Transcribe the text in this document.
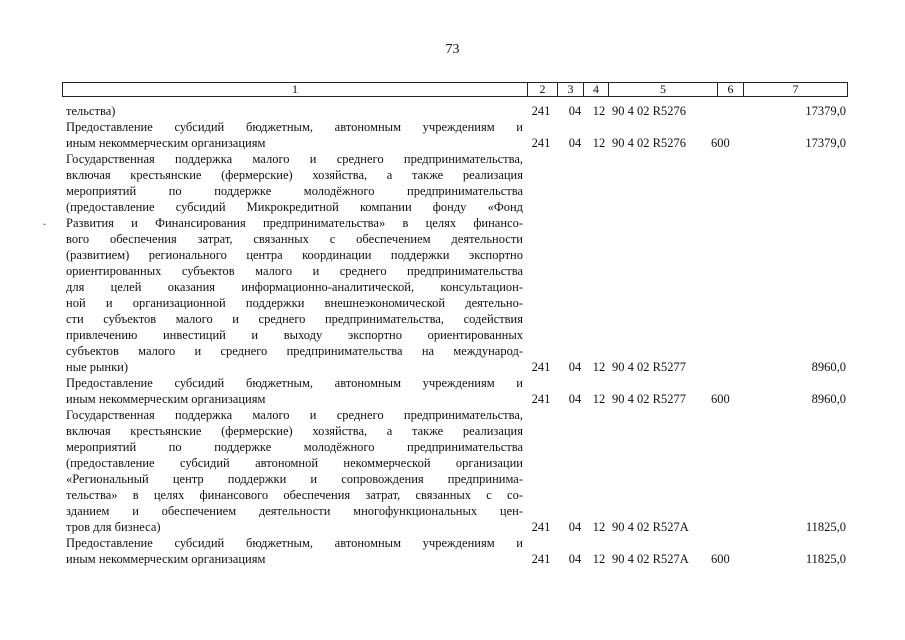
73
ˇ
1	2	3	4	5	6	7
тельства)	241	04 12 90 4 02 R5276	17379,0
Предоставление субсидий бюджетным, автономным учреждениям и
иным некоммерческим организациям	241	04 12 90 4 02 R5276 600	17379,0
Государственная поддержка малого и среднего предпринимательства,
включая крестьянские (фермерские) хозяйства, а также реализация
мероприятий по поддержке молодёжного предпринимательства
(предоставление субсидий Микрокредитной компании фонду «Фонд
Развития и Финансирования предпринимательства» в целях финансо-
вого обеспечения затрат, связанных с обеспечением деятельности
(развитием) регионального центра координации поддержки экспортно
ориентированных субъектов малого и среднего предпринимательства
для целей оказания информационно-аналитической, консультацион-
ной и организационной поддержки внешнеэкономической деятельно-
сти субъектов малого и среднего предпринимательства, содействия
привлечению инвестиций и выходу экспортно ориентированных
субъектов малого и среднего предпринимательства на международ-
ные рынки)	241	04 12 90 4 02 R5277	8960,0
Предоставление субсидий бюджетным, автономным учреждениям и
иным некоммерческим организациям	241	04 12 90 4 02 R5277 600	8960,0
Государственная поддержка малого и среднего предпринимательства,
включая крестьянские (фермерские) хозяйства, а также реализация
мероприятий по поддержке молодёжного предпринимательства
(предоставление субсидий автономной некоммерческой организации
«Региональный центр поддержки и сопровождения предпринима-
тельства» в целях финансового обеспечения затрат, связанных с со-
зданием и обеспечением деятельности многофункциональных цен-
тров для бизнеса)	241	04 12 90 4 02 R527A	11825,0
Предоставление субсидий бюджетным, автономным учреждениям и
иным некоммерческим организациям	241	04 12 90 4 02 R527A 600	11825,0
